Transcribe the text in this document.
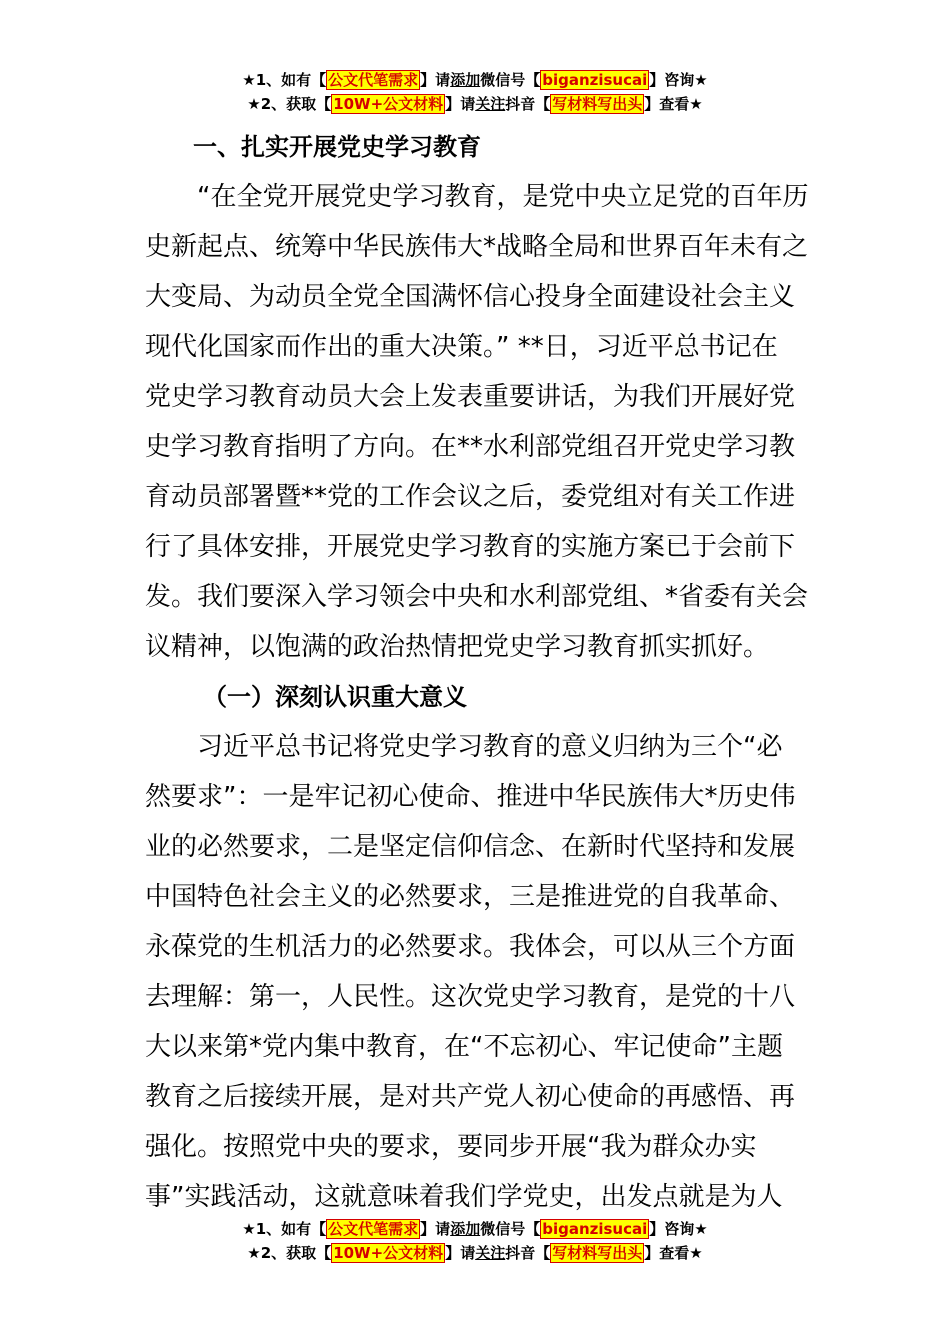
★1、如有【 公文代笔需求 】请添加微信号【 biganzisucai 】咨询★
★2、获取【 10W+公文材料 】请关注抖音【 写材料写出头 】查看★
一、扎实开展党史学习教育
“在全党开展党史学习教育，是党中央立足党的百年历
史新起点、统筹中华民族伟大*战略全局和世界百年未有之
大变局、为动员全党全国满怀信心投身全面建设社会主义
现代化国家而作出的重大决策。” **日，习近平总书记在
党史学习教育动员大会上发表重要讲话，为我们开展好党
史学习教育指明了方向。在**水利部党组召开党史学习教
育动员部署暨**党的工作会议之后，委党组对有关工作进
行了具体安排，开展党史学习教育的实施方案已于会前下
发。我们要深入学习领会中央和水利部党组、*省委有关会
议精神，以饱满的政治热情把党史学习教育抓实抓好。
（一）深刻认识重大意义
习近平总书记将党史学习教育的意义归纳为三个“必
然要求”：一是牢记初心使命、推进中华民族伟大*历史伟
业的必然要求，二是坚定信仰信念、在新时代坚持和发展
中国特色社会主义的必然要求，三是推进党的自我革命、
永葆党的生机活力的必然要求。我体会，可以从三个方面
去理解：第一，人民性。这次党史学习教育，是党的十八
大以来第*党内集中教育，在“不忘初心、牢记使命”主题
教育之后接续开展，是对共产党人初心使命的再感悟、再
强化。按照党中央的要求，要同步开展“我为群众办实
事”实践活动，这就意味着我们学党史，出发点就是为人
★1、如有【 公文代笔需求 】请添加微信号【 biganzisucai 】咨询★
★2、获取【 10W+公文材料 】请关注抖音【 写材料写出头 】查看★
